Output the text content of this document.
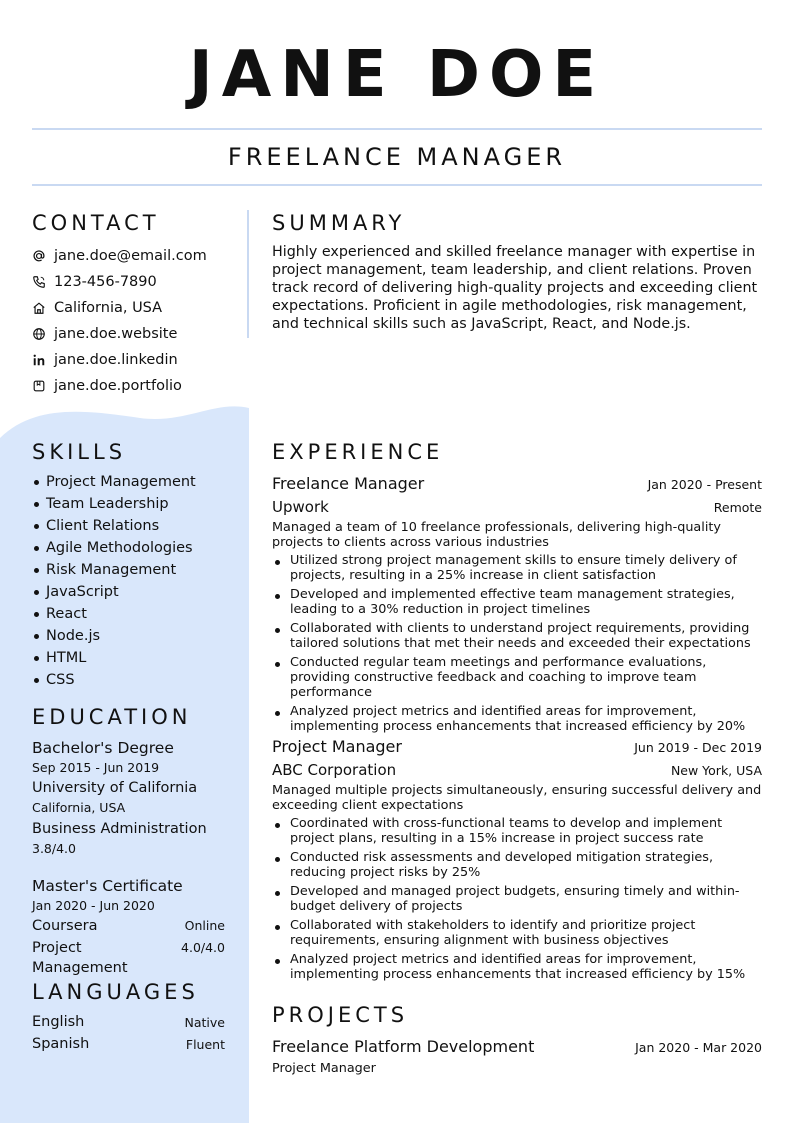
JANE DOE
FREELANCE MANAGER
CONTACT
jane.doe@email.com
123-456-7890
California, USA
jane.doe.website
jane.doe.linkedin
jane.doe.portfolio
SKILLS
Project Management
Team Leadership
Client Relations
Agile Methodologies
Risk Management
JavaScript
React
Node.js
HTML
CSS
EDUCATION
Bachelor's Degree
Sep 2015 - Jun 2019
University of California
California, USA
Business Administration
3.8/4.0
Master's Certificate
Jan 2020 - Jun 2020
Coursera	Online
Project Management
4.0/4.0
LANGUAGES
English	Native
Spanish	Fluent
SUMMARY
Highly experienced and skilled freelance manager with expertise in project management, team leadership, and client relations. Proven track record of delivering high-quality projects and exceeding client expectations. Proficient in agile methodologies, risk management, and technical skills such as JavaScript, React, and Node.js.
EXPERIENCE
Freelance Manager	Jan 2020 - Present
Upwork	Remote
Managed a team of 10 freelance professionals, delivering high-quality projects to clients across various industries
Utilized strong project management skills to ensure timely delivery of projects, resulting in a 25% increase in client satisfaction
Developed and implemented effective team management strategies, leading to a 30% reduction in project timelines
Collaborated with clients to understand project requirements, providing tailored solutions that met their needs and exceeded their expectations
Conducted regular team meetings and performance evaluations, providing constructive feedback and coaching to improve team performance
Analyzed project metrics and identified areas for improvement, implementing process enhancements that increased efficiency by 20%
Project Manager	Jun 2019 - Dec 2019
ABC Corporation	New York, USA
Managed multiple projects simultaneously, ensuring successful delivery and exceeding client expectations
Coordinated with cross-functional teams to develop and implement project plans, resulting in a 15% increase in project success rate
Conducted risk assessments and developed mitigation strategies, reducing project risks by 25%
Developed and managed project budgets, ensuring timely and within-budget delivery of projects
Collaborated with stakeholders to identify and prioritize project requirements, ensuring alignment with business objectives
Analyzed project metrics and identified areas for improvement, implementing process enhancements that increased efficiency by 15%
PROJECTS
Freelance Platform Development	Jan 2020 - Mar 2020
Project Manager
